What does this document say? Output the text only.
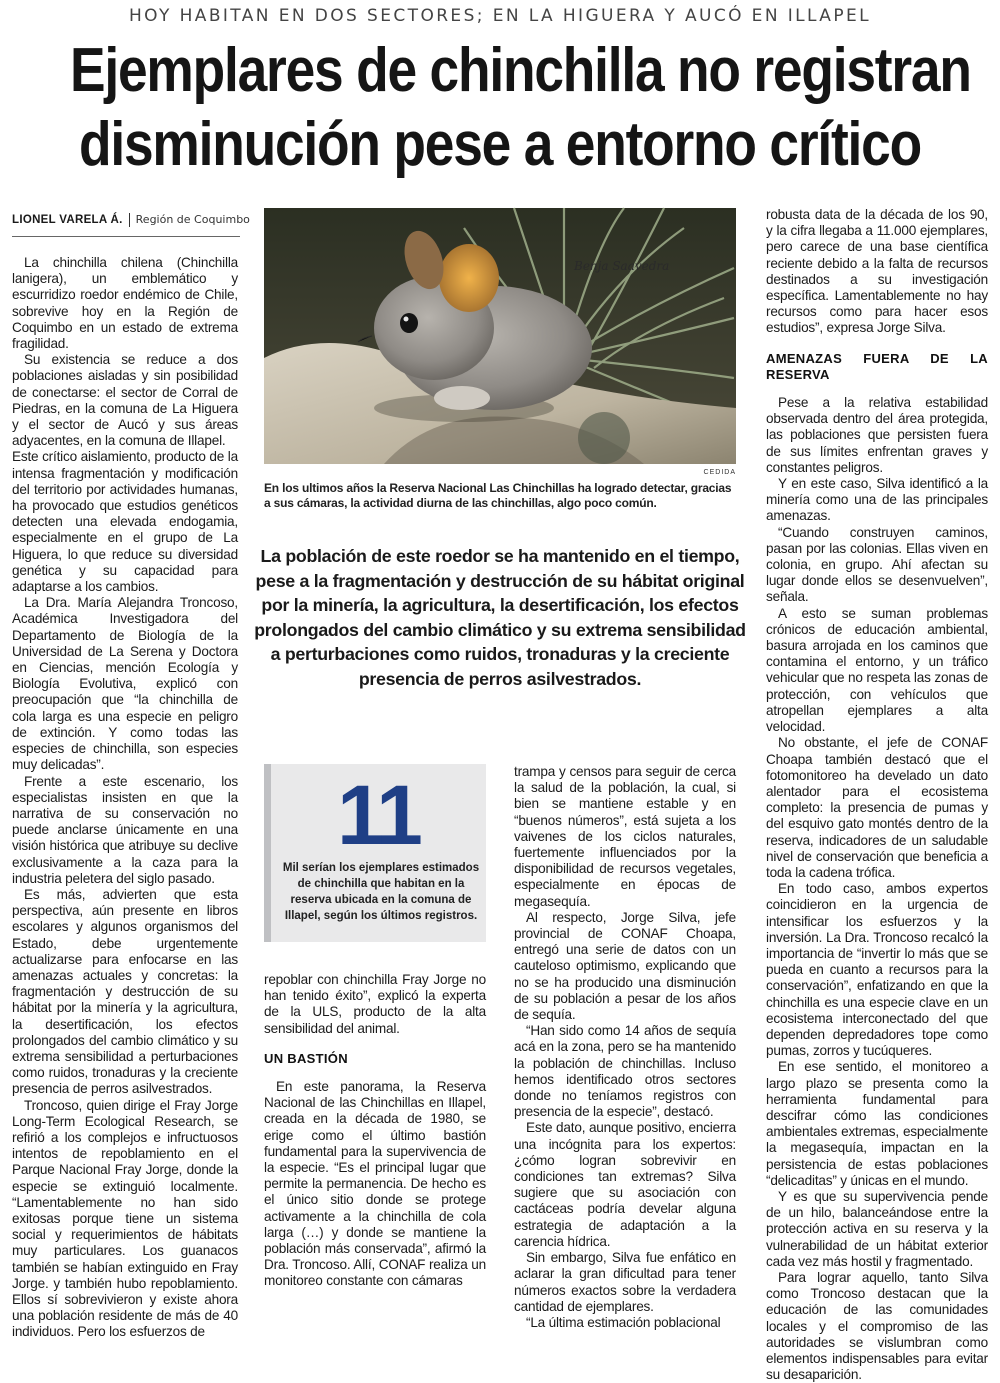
HOY HABITAN EN DOS SECTORES; EN LA HIGUERA Y AUCÓ EN ILLAPEL
Ejemplares de chinchilla no registran
disminución pese a entorno crítico
LIONEL VARELA Á. Región de Coquimbo

La chinchilla chilena (Chinchilla lanigera), un emblemático y escurridizo roedor endémico de Chile, sobrevive hoy en la Región de Coquimbo en un estado de extrema fragilidad.

Su existencia se reduce a dos poblaciones aisladas y sin posibilidad de conectarse: el sector de Corral de Piedras, en la comuna de La Higuera y el sector de Aucó y sus áreas adyacentes, en la comuna de Illapel.

Este crítico aislamiento, producto de la intensa fragmentación y modificación del territorio por actividades humanas, ha provocado que estudios genéticos detecten una elevada endogamia, especialmente en el grupo de La Higuera, lo que reduce su diversidad genética y su capacidad para adaptarse a los cambios.

La Dra. María Alejandra Troncoso, Académica Investigadora del Departamento de Biología de la Universidad de La Serena y Doctora en Ciencias, mención Ecología y Biología Evolutiva, explicó con preocupación que “la chinchilla de cola larga es una especie en peligro de extinción. Y como todas las especies de chinchilla, son especies muy delicadas”.

Frente a este escenario, los especialistas insisten en que la narrativa de su conservación no puede anclarse únicamente en una visión histórica que atribuye su declive exclusivamente a la caza para la industria peletera del siglo pasado.

Es más, advierten que esta perspectiva, aún presente en libros escolares y algunos organismos del Estado, debe urgentemente actualizarse para enfocarse en las amenazas actuales y concretas: la fragmentación y destrucción de su hábitat por la minería y la agricultura, la desertificación, los efectos prolongados del cambio climático y su extrema sensibilidad a perturbaciones como ruidos, tronaduras y la creciente presencia de perros asilvestrados.

Troncoso, quien dirige el Fray Jorge Long-Term Ecological Research, se refirió a los complejos e infructuosos intentos de repoblamiento en el Parque Nacional Fray Jorge, donde la especie se extinguió localmente. “Lamentablemente no han sido exitosas porque tiene un sistema social y requerimientos de hábitats muy particulares. Los guanacos también se habían extinguido en Fray Jorge. y también hubo repoblamiento. Ellos sí sobrevivieron y existe ahora una población residente de más de 40 individuos. Pero los esfuerzos de

Benja Saavedra
CEDIDA
En los ultimos años la Reserva Nacional Las Chinchillas ha logrado detectar, gracias a sus cámaras, la actividad diurna de las chinchillas, algo poco común.
La población de este roedor se ha mantenido en el tiempo, pese a la fragmentación y destrucción de su hábitat original por la minería, la agricultura, la desertificación, los efectos prolongados del cambio climático y su extrema sensibilidad a perturbaciones como ruidos, tronaduras y la creciente presencia de perros asilvestrados.
11
Mil serían los ejemplares estimados de chinchilla que habitan en la reserva ubicada en la comuna de Illapel, según los últimos registros.

repoblar con chinchilla Fray Jorge no han tenido éxito”, explicó la experta de la ULS, producto de la alta sensibilidad del animal.

UN BASTIÓN

En este panorama, la Reserva Nacional de las Chinchillas en Illapel, creada en la década de 1980, se erige como el último bastión fundamental para la supervivencia de la especie. “Es el principal lugar que permite la permanencia. De hecho es el único sitio donde se protege activamente a la chinchilla de cola larga (…) y donde se mantiene la población más conservada”, afirmó la Dra. Troncoso. Allí, CONAF realiza un monitoreo constante con cámaras

trampa y censos para seguir de cerca la salud de la población, la cual, si bien se mantiene estable y en “buenos números”, está sujeta a los vaivenes de los ciclos naturales, fuertemente influenciados por la disponibilidad de recursos vegetales, especialmente en épocas de megasequía.

Al respecto, Jorge Silva, jefe provincial de CONAF Choapa, entregó una serie de datos con un cauteloso optimismo, explicando que no se ha producido una disminución de su población a pesar de los años de sequía.

“Han sido como 14 años de sequía acá en la zona, pero se ha mantenido la población de chinchillas. Incluso hemos identificado otros sectores donde no teníamos registros con presencia de la especie”, destacó.

Este dato, aunque positivo, encierra una incógnita para los expertos: ¿cómo logran sobrevivir en condiciones tan extremas? Silva sugiere que su asociación con cactáceas podría develar alguna estrategia de adaptación a la carencia hídrica.

Sin embargo, Silva fue enfático en aclarar la gran dificultad para tener números exactos sobre la verdadera cantidad de ejemplares.

“La última estimación poblacional

robusta data de la década de los 90, y la cifra llegaba a 11.000 ejemplares, pero carece de una base científica reciente debido a la falta de recursos destinados a su investigación específica. Lamentablemente no hay recursos como para hacer esos estudios”, expresa Jorge Silva.

AMENAZAS FUERA DE LA RESERVA

Pese a la relativa estabilidad observada dentro del área protegida, las poblaciones que persisten fuera de sus límites enfrentan graves y constantes peligros.

Y en este caso, Silva identificó a la minería como una de las principales amenazas.

“Cuando construyen caminos, pasan por las colonias. Ellas viven en colonia, en grupo. Ahí afectan su lugar donde ellos se desenvuelven”, señala.

A esto se suman problemas crónicos de educación ambiental, basura arrojada en los caminos que contamina el entorno, y un tráfico vehicular que no respeta las zonas de protección, con vehículos que atropellan ejemplares a alta velocidad.

No obstante, el jefe de CONAF Choapa también destacó que el fotomonitoreo ha develado un dato alentador para el ecosistema completo: la presencia de pumas y del esquivo gato montés dentro de la reserva, indicadores de un saludable nivel de conservación que beneficia a toda la cadena trófica.

En todo caso, ambos expertos coincidieron en la urgencia de intensificar los esfuerzos y la inversión. La Dra. Troncoso recalcó la importancia de “invertir lo más que se pueda en cuanto a recursos para la conservación”, enfatizando en que la chinchilla es una especie clave en un ecosistema interconectado del que dependen depredadores tope como pumas, zorros y tucúqueres.

En ese sentido, el monitoreo a largo plazo se presenta como la herramienta fundamental para descifrar cómo las condiciones ambientales extremas, especialmente la megasequía, impactan en la persistencia de estas poblaciones “delicaditas” y únicas en el mundo.

Y es que su supervivencia pende de un hilo, balanceándose entre la protección activa en su reserva y la vulnerabilidad de un hábitat exterior cada vez más hostil y fragmentado.

Para lograr aquello, tanto Silva como Troncoso destacan que la educación de las comunidades locales y el compromiso de las autoridades se vislumbran como elementos indispensables para evitar su desaparición.
